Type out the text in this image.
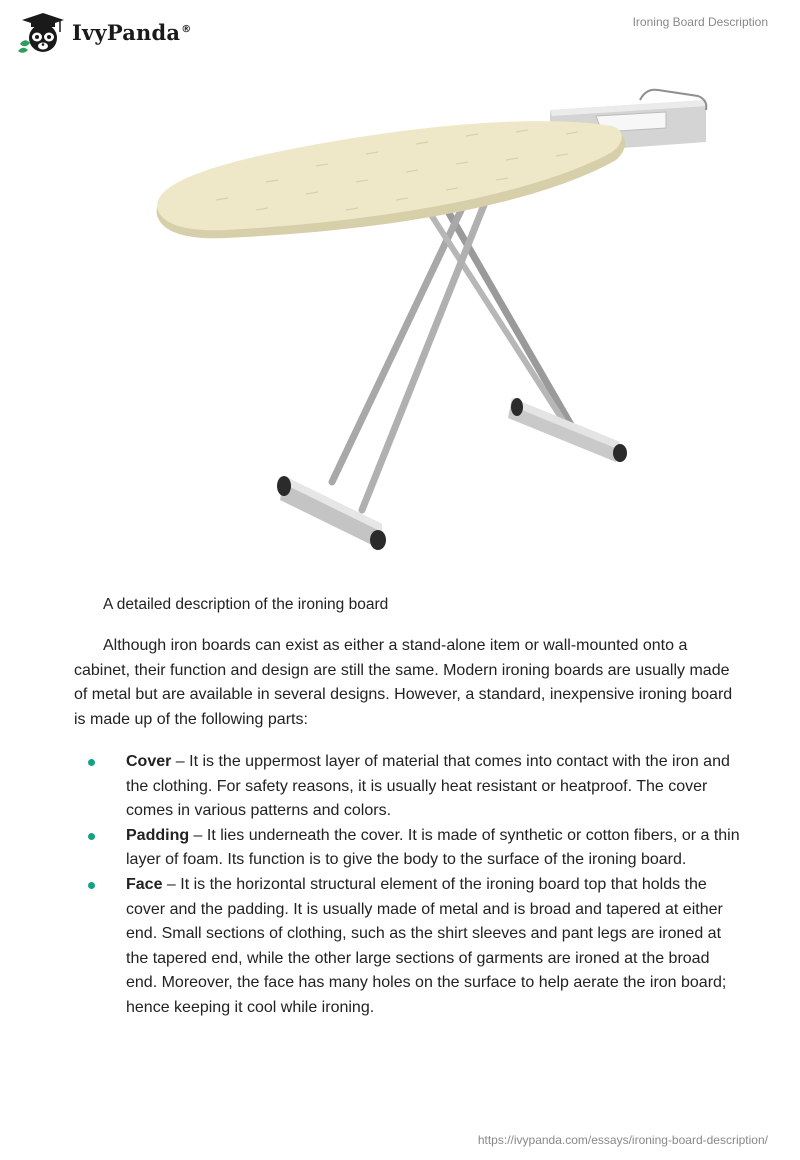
IvyPanda®	Ironing Board Description
A detailed description of the ironing board

Although iron boards can exist as either a stand-alone item or wall-mounted onto a cabinet, their function and design are still the same. Modern ironing boards are usually made of metal but are available in several designs. However, a standard, inexpensive ironing board is made up of the following parts:

Cover – It is the uppermost layer of material that comes into contact with the iron and the clothing. For safety reasons, it is usually heat resistant or heatproof. The cover comes in various patterns and colors.
Padding – It lies underneath the cover. It is made of synthetic or cotton fibers, or a thin layer of foam. Its function is to give the body to the surface of the ironing board.
Face – It is the horizontal structural element of the ironing board top that holds the cover and the padding. It is usually made of metal and is broad and tapered at either end. Small sections of clothing, such as the shirt sleeves and pant legs are ironed at the tapered end, while the other large sections of garments are ironed at the broad end. Moreover, the face has many holes on the surface to help aerate the iron board; hence keeping it cool while ironing.
https://ivypanda.com/essays/ironing-board-description/
